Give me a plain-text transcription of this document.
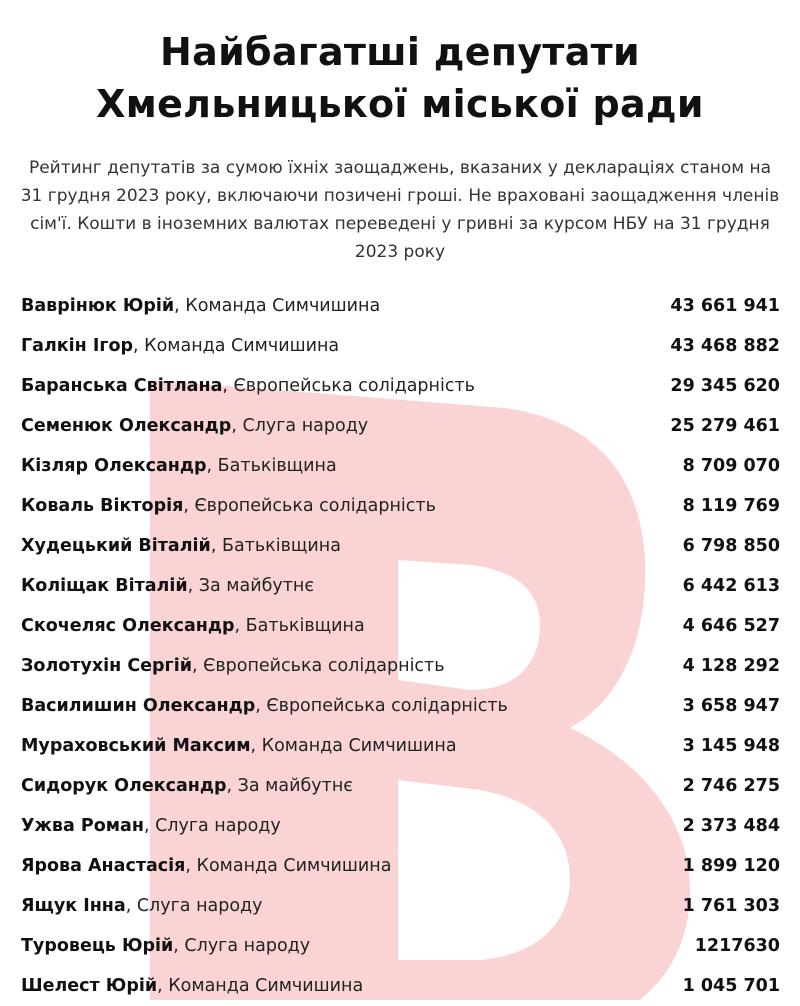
Найбагатші депутати
Хмельницької міської ради
Рейтинг депутатів за сумою їхніх заощаджень, вказаних у деклараціях станом на 31 грудня 2023 року, включаючи позичені гроші. Не враховані заощадження членів сім'ї. Кошти в іноземних валютах переведені у гривні за курсом НБУ на 31 грудня 2023 року
Ваврінюк Юрій, Команда Симчишина	43 661 941
Галкін Ігор, Команда Симчишина	43 468 882
Баранська Світлана, Європейська солідарність	29 345 620
Семенюк Олександр, Слуга народу	25 279 461
Кізляр Олександр, Батьківщина	8 709 070
Коваль Вікторія, Європейська солідарність	8 119 769
Худецький Віталій, Батьківщина	6 798 850
Коліщак Віталій, За майбутнє	6 442 613
Скочеляс Олександр, Батьківщина	4 646 527
Золотухін Сергій, Європейська солідарність	4 128 292
Василишин Олександр, Європейська солідарність	3 658 947
Мураховський Максим, Команда Симчишина	3 145 948
Сидорук Олександр, За майбутнє	2 746 275
Ужва Роман, Слуга народу	2 373 484
Ярова Анастасія, Команда Симчишина	1 899 120
Ящук Інна, Слуга народу	1 761 303
Туровець Юрій, Слуга народу	1217630
Шелест Юрій, Команда Симчишина	1 045 701
